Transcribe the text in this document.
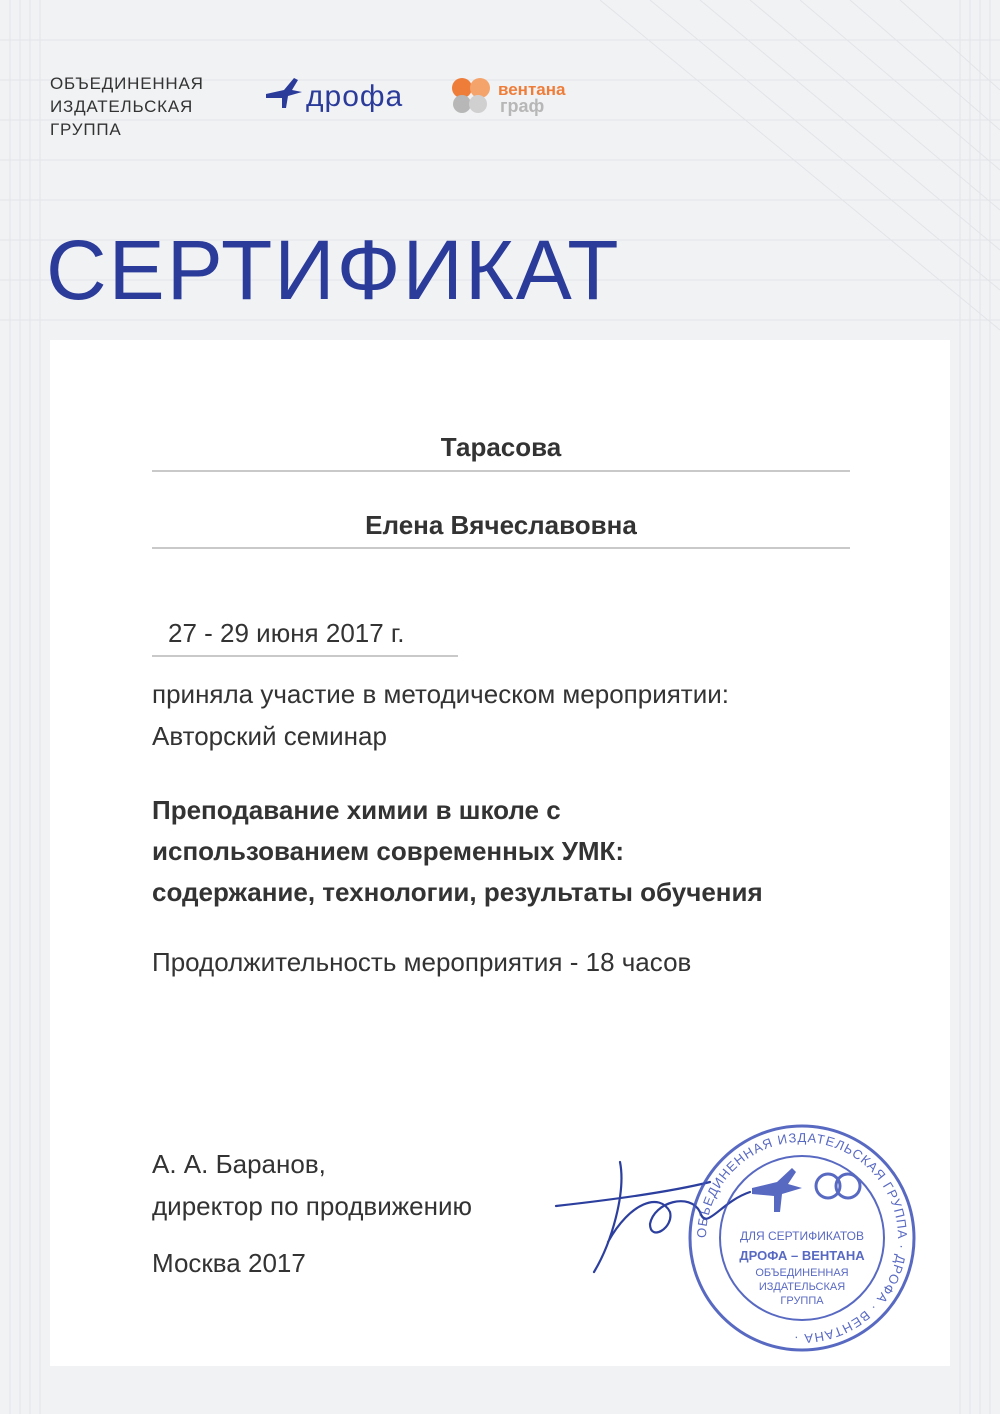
ОБЪЕДИНЕННАЯ
ИЗДАТЕЛЬСКАЯ
ГРУППА
дрофа	вентана
граф
СЕРТИФИКАТ
Тарасова
Елена Вячеславовна
27 - 29 июня 2017 г.
приняла участие в методическом мероприятии:
Авторский семинар
Преподавание химии в школе с
использованием современных УМК:
содержание, технологии, результаты обучения
Продолжительность мероприятия - 18 часов
А. А. Баранов,
директор по продвижению
Москва 2017
ОБЪЕДИНЕННАЯ ИЗДАТЕЛЬСКАЯ ГРУППА · ДРОФА · ВЕНТАНА ·
ДЛЯ СЕРТИФИКАТОВ
ДРОФА – ВЕНТАНА
ОБЪЕДИНЕННАЯ
ИЗДАТЕЛЬСКАЯ
ГРУППА
